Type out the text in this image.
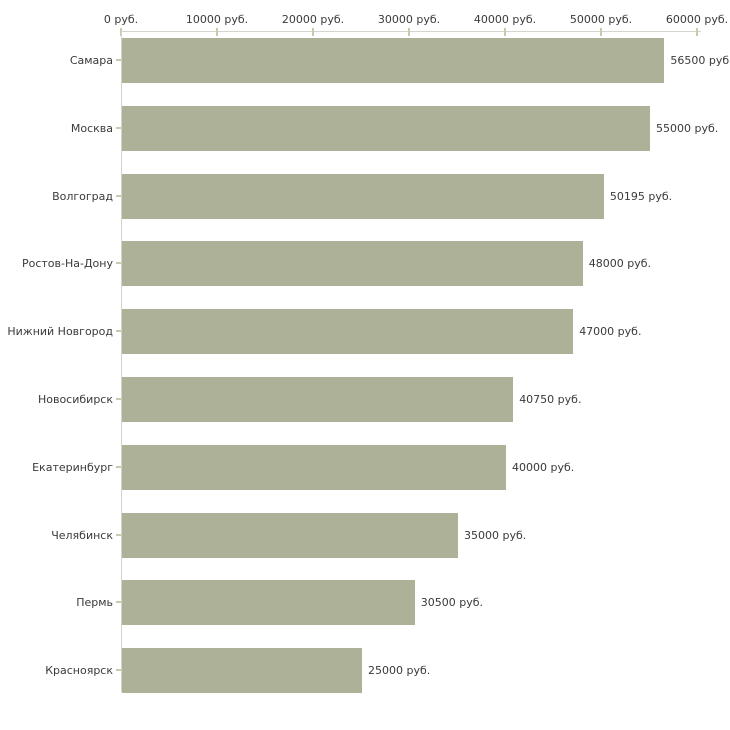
0 руб.	10000 руб.	20000 руб.	30000 руб.	40000 руб.	50000 руб.	60000 руб.
Самара	56500 руб
Москва	55000 руб.
Волгоград	50195 руб.
Ростов-На-Дону	48000 руб.
Нижний Новгород	47000 руб.
Новосибирск	40750 руб.
Екатеринбург	40000 руб.
Челябинск	35000 руб.
Пермь	30500 руб.
Красноярск	25000 руб.
